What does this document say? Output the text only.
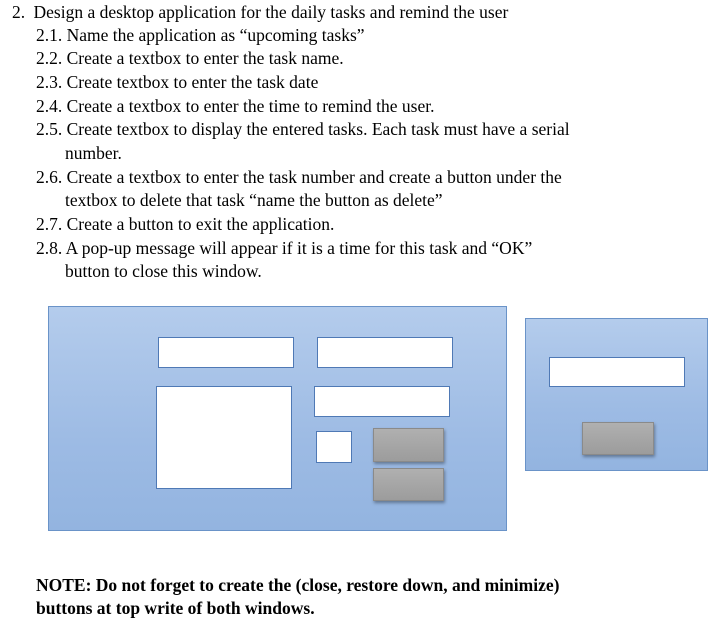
2. Design a desktop application for the daily tasks and remind the user
2.1. Name the application as “upcoming tasks”
2.2. Create a textbox to enter the task name.
2.3. Create textbox to enter the task date
2.4. Create a textbox to enter the time to remind the user.
2.5. Create textbox to display the entered tasks. Each task must have a serial
number.
2.6. Create a textbox to enter the task number and create a button under the
textbox to delete that task “name the button as delete”
2.7. Create a button to exit the application.
2.8. A pop-up message will appear if it is a time for this task and “OK”
button to close this window.
NOTE: Do not forget to create the (close, restore down, and minimize)
buttons at top write of both windows.
